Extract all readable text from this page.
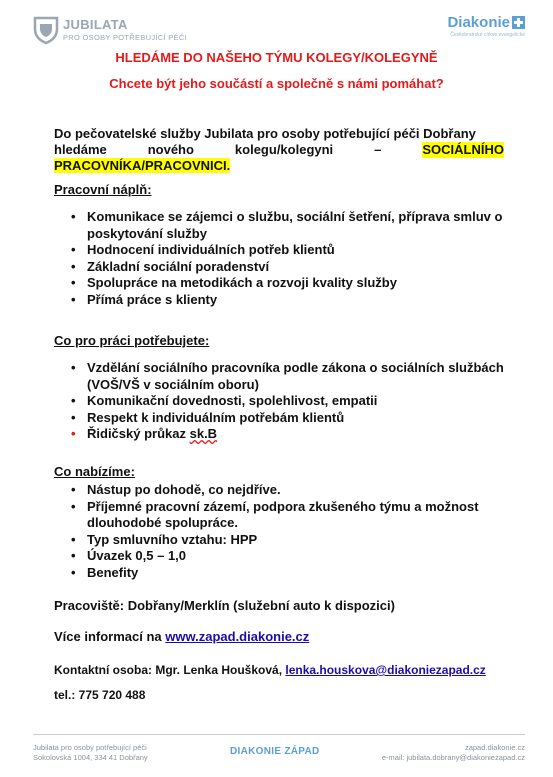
JUBILATA
PRO OSOBY POTŘEBUJÍCÍ PÉČI
Diakonie
Českobratrské církve evangelické
HLEDÁME DO NAŠEHO TÝMU KOLEGY/KOLEGYNĚ
Chcete být jeho součástí a společně s námi pomáhat?
Do pečovatelské služby Jubilata pro osoby potřebující péči Dobřany
hledáme	nového	kolegu/kolegyni	–	SOCIÁLNÍHO
PRACOVNÍKA/PRACOVNICI.
Pracovní náplň:
• Komunikace se zájemci o službu, sociální šetření, příprava smluv o poskytování služby
• Hodnocení individuálních potřeb klientů
• Základní sociální poradenství
• Spolupráce na metodikách a rozvoji kvality služby
• Přímá práce s klienty
Co pro práci potřebujete:
• Vzdělání sociálního pracovníka podle zákona o sociálních službách (VOŠ/VŠ v sociálním oboru)
• Komunikační dovednosti, spolehlivost, empatii
• Respekt k individuálním potřebám klientů
• Řidičský průkaz sk.B
Co nabízíme:
• Nástup po dohodě, co nejdříve.
• Příjemné pracovní zázemí, podpora zkušeného týmu a možnost dlouhodobé spolupráce.
• Typ smluvního vztahu: HPP
• Úvazek 0,5 – 1,0
• Benefity
Pracoviště: Dobřany/Merklín (služební auto k dispozici)
Více informací na www.zapad.diakonie.cz
Kontaktní osoba: Mgr. Lenka Houšková, lenka.houskova@diakoniezapad.cz
tel.: 775 720 488
Jubilata pro osoby potřebující péči
Sokolovská 1004, 334 41 Dobřany
DIAKONIE ZÁPAD	zapad.diakonie.cz
e-mail: jubilata.dobrany@diakoniezapad.cz
